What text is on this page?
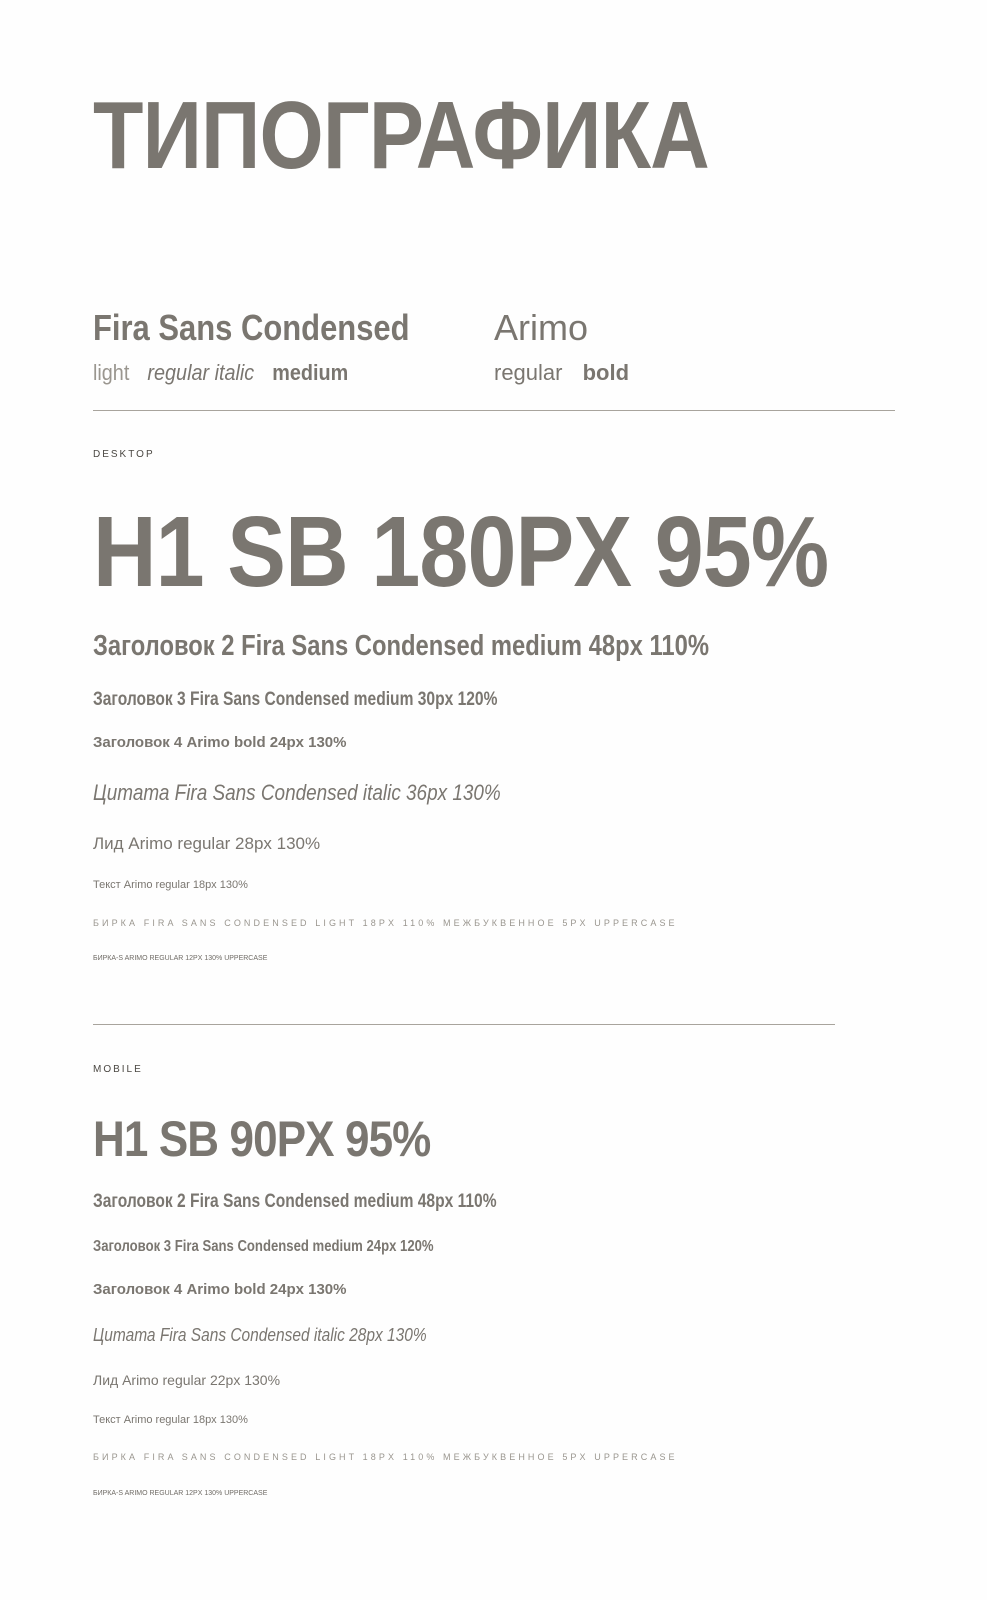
ТИПОГРАФИКА
Fira Sans Condensed
light regular italic medium
Arimo
regular bold
DESKTOP
H1 SB 180PX 95%
Заголовок 2 Fira Sans Condensed medium 48px 110%
Заголовок 3 Fira Sans Condensed medium 30px 120%
Заголовок 4 Arimo bold 24px 130%
Цитата Fira Sans Condensed italic 36px 130%
Лид Arimo regular 28px 130%
Текст Arimo regular 18px 130%
БИРКА FIRA SANS CONDENSED LIGHT 18PX 110% МЕЖБУКВЕННОЕ 5PX UPPERCASE
БИРКА-S ARIMO REGULAR 12PX 130% UPPERCASE
MOBILE
H1 SB 90PX 95%
Заголовок 2 Fira Sans Condensed medium 48px 110%
Заголовок 3 Fira Sans Condensed medium 24px 120%
Заголовок 4 Arimo bold 24px 130%
Цитата Fira Sans Condensed italic 28px 130%
Лид Arimo regular 22px 130%
Текст Arimo regular 18px 130%
БИРКА FIRA SANS CONDENSED LIGHT 18PX 110% МЕЖБУКВЕННОЕ 5PX UPPERCASE
БИРКА-S ARIMO REGULAR 12PX 130% UPPERCASE
